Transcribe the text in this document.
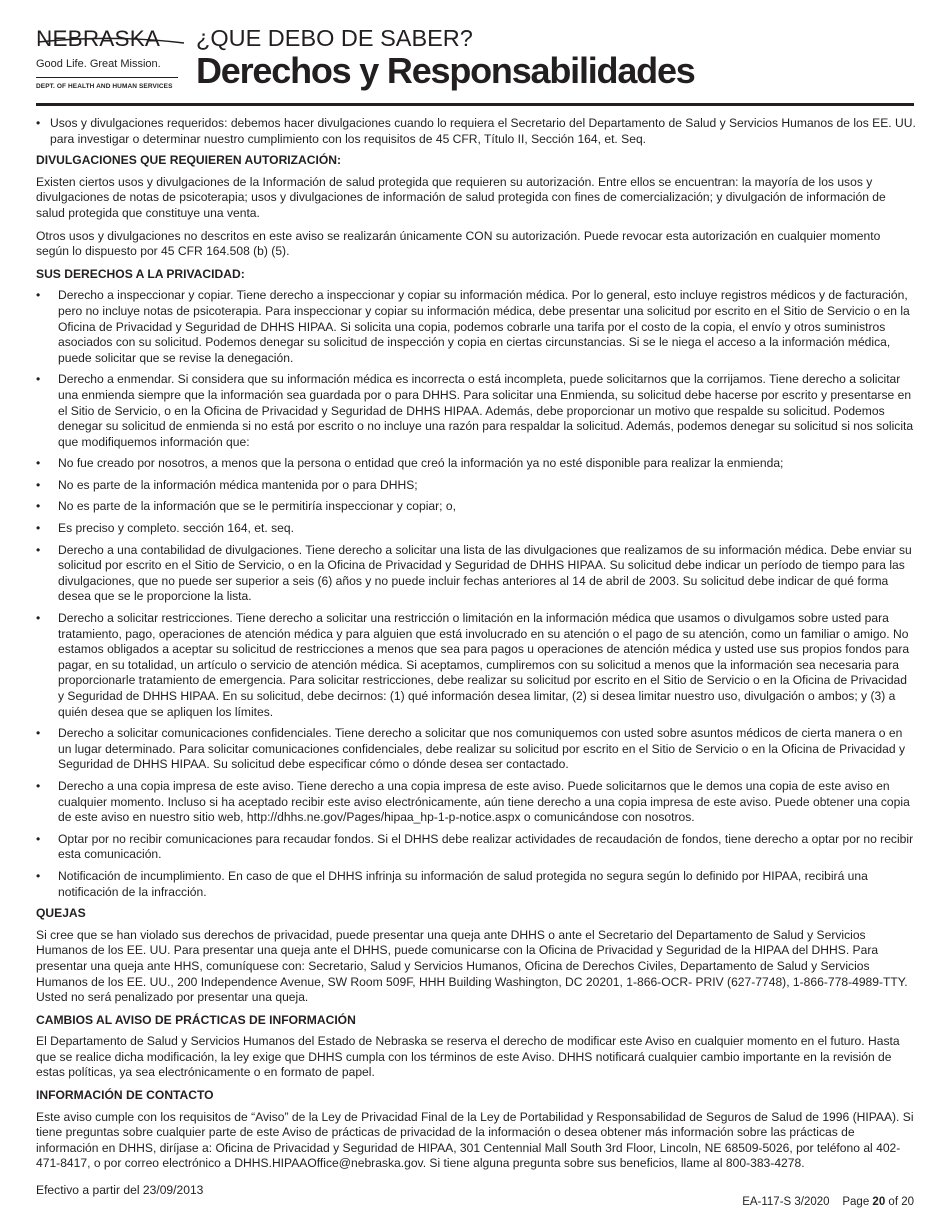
NEBRASKA
Good Life. Great Mission.
DEPT. OF HEALTH AND HUMAN SERVICES
¿QUE DEBO DE SABER?
Derechos y Responsabilidades
• Usos y divulgaciones requeridos: debemos hacer divulgaciones cuando lo requiera el Secretario del Departamento de Salud y Servicios Humanos de los EE. UU. para investigar o determinar nuestro cumplimiento con los requisitos de 45 CFR, Título II, Sección 164, et. Seq.
DIVULGACIONES QUE REQUIEREN AUTORIZACIÓN:

Existen ciertos usos y divulgaciones de la Información de salud protegida que requieren su autorización. Entre ellos se encuentran: la mayoría de los usos y divulgaciones de notas de psicoterapia; usos y divulgaciones de información de salud protegida con fines de comercialización; y divulgación de información de salud protegida que constituye una venta.

Otros usos y divulgaciones no descritos en este aviso se realizarán únicamente CON su autorización. Puede revocar esta autorización en cualquier momento según lo dispuesto por 45 CFR 164.508 (b) (5).

SUS DERECHOS A LA PRIVACIDAD:
•	Derecho a inspeccionar y copiar. Tiene derecho a inspeccionar y copiar su información médica. Por lo general, esto incluye registros médicos y de facturación, pero no incluye notas de psicoterapia. Para inspeccionar y copiar su información médica, debe presentar una solicitud por escrito en el Sitio de Servicio o en la Oficina de Privacidad y Seguridad de DHHS HIPAA. Si solicita una copia, podemos cobrarle una tarifa por el costo de la copia, el envío y otros suministros asociados con su solicitud. Podemos denegar su solicitud de inspección y copia en ciertas circunstancias. Si se le niega el acceso a la información médica, puede solicitar que se revise la denegación.
•	Derecho a enmendar. Si considera que su información médica es incorrecta o está incompleta, puede solicitarnos que la corrijamos. Tiene derecho a solicitar una enmienda siempre que la información sea guardada por o para DHHS. Para solicitar una Enmienda, su solicitud debe hacerse por escrito y presentarse en el Sitio de Servicio, o en la Oficina de Privacidad y Seguridad de DHHS HIPAA. Además, debe proporcionar un motivo que respalde su solicitud. Podemos denegar su solicitud de enmienda si no está por escrito o no incluye una razón para respaldar la solicitud. Además, podemos denegar su solicitud si nos solicita que modifiquemos información que:
•	No fue creado por nosotros, a menos que la persona o entidad que creó la información ya no esté disponible para realizar la enmienda;
•	No es parte de la información médica mantenida por o para DHHS;
•	No es parte de la información que se le permitiría inspeccionar y copiar; o,
•	Es preciso y completo. sección 164, et. seq.
•	Derecho a una contabilidad de divulgaciones. Tiene derecho a solicitar una lista de las divulgaciones que realizamos de su información médica. Debe enviar su solicitud por escrito en el Sitio de Servicio, o en la Oficina de Privacidad y Seguridad de DHHS HIPAA. Su solicitud debe indicar un período de tiempo para las divulgaciones, que no puede ser superior a seis (6) años y no puede incluir fechas anteriores al 14 de abril de 2003. Su solicitud debe indicar de qué forma desea que se le proporcione la lista.
•	Derecho a solicitar restricciones. Tiene derecho a solicitar una restricción o limitación en la información médica que usamos o divulgamos sobre usted para tratamiento, pago, operaciones de atención médica y para alguien que está involucrado en su atención o el pago de su atención, como un familiar o amigo. No estamos obligados a aceptar su solicitud de restricciones a menos que sea para pagos u operaciones de atención médica y usted use sus propios fondos para pagar, en su totalidad, un artículo o servicio de atención médica. Si aceptamos, cumpliremos con su solicitud a menos que la información sea necesaria para proporcionarle tratamiento de emergencia. Para solicitar restricciones, debe realizar su solicitud por escrito en el Sitio de Servicio o en la Oficina de Privacidad y Seguridad de DHHS HIPAA. En su solicitud, debe decirnos: (1) qué información desea limitar, (2) si desea limitar nuestro uso, divulgación o ambos; y (3) a quién desea que se apliquen los límites.
•	Derecho a solicitar comunicaciones confidenciales. Tiene derecho a solicitar que nos comuniquemos con usted sobre asuntos médicos de cierta manera o en un lugar determinado. Para solicitar comunicaciones confidenciales, debe realizar su solicitud por escrito en el Sitio de Servicio o en la Oficina de Privacidad y Seguridad de DHHS HIPAA. Su solicitud debe especificar cómo o dónde desea ser contactado.
•	Derecho a una copia impresa de este aviso. Tiene derecho a una copia impresa de este aviso. Puede solicitarnos que le demos una copia de este aviso en cualquier momento. Incluso si ha aceptado recibir este aviso electrónicamente, aún tiene derecho a una copia impresa de este aviso. Puede obtener una copia de este aviso en nuestro sitio web, http://dhhs.ne.gov/Pages/hipaa_hp-1-p-notice.aspx o comunicándose con nosotros.
•	Optar por no recibir comunicaciones para recaudar fondos. Si el DHHS debe realizar actividades de recaudación de fondos, tiene derecho a optar por no recibir esta comunicación.
•	Notificación de incumplimiento. En caso de que el DHHS infrinja su información de salud protegida no segura según lo definido por HIPAA, recibirá una notificación de la infracción.
QUEJAS

Si cree que se han violado sus derechos de privacidad, puede presentar una queja ante DHHS o ante el Secretario del Departamento de Salud y Servicios Humanos de los EE. UU. Para presentar una queja ante el DHHS, puede comunicarse con la Oficina de Privacidad y Seguridad de la HIPAA del DHHS. Para presentar una queja ante HHS, comuníquese con: Secretario, Salud y Servicios Humanos, Oficina de Derechos Civiles, Departamento de Salud y Servicios Humanos de los EE. UU., 200 Independence Avenue, SW Room 509F, HHH Building Washington, DC 20201, 1-866-OCR- PRIV (627-7748), 1-866-778-4989-TTY. Usted no será penalizado por presentar una queja.

CAMBIOS AL AVISO DE PRÁCTICAS DE INFORMACIÓN

El Departamento de Salud y Servicios Humanos del Estado de Nebraska se reserva el derecho de modificar este Aviso en cualquier momento en el futuro. Hasta que se realice dicha modificación, la ley exige que DHHS cumpla con los términos de este Aviso. DHHS notificará cualquier cambio importante en la revisión de estas políticas, ya sea electrónicamente o en formato de papel.

INFORMACIÓN DE CONTACTO

Este aviso cumple con los requisitos de “Aviso” de la Ley de Privacidad Final de la Ley de Portabilidad y Responsabilidad de Seguros de Salud de 1996 (HIPAA). Si tiene preguntas sobre cualquier parte de este Aviso de prácticas de privacidad de la información o desea obtener más información sobre las prácticas de información en DHHS, diríjase a: Oficina de Privacidad y Seguridad de HIPAA, 301 Centennial Mall South 3rd Floor, Lincoln, NE 68509-5026, por teléfono al 402-471-8417, o por correo electrónico a DHHS.HIPAAOffice@nebraska.gov. Si tiene alguna pregunta sobre sus beneficios, llame al 800-383-4278.

Efectivo a partir del 23/09/2013
EA-117-S 3/2020 Page 20 of 20
